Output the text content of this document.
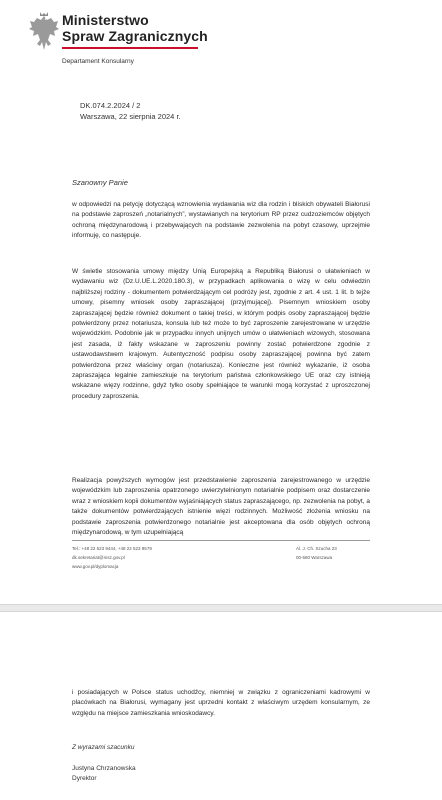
Ministerstwo
Spraw Zagranicznych
Departament Konsularny
DK.074.2.2024 / 2
Warszawa, 22 sierpnia 2024 r.
Szanowny Panie
w odpowiedzi na petycję dotyczącą wznowienia wydawania wiz dla rodzin i bliskich obywateli Białorusi na podstawie zaproszeń „notarialnych”, wystawianych na terytorium RP przez cudzoziemców objętych ochroną międzynarodową i przebywających na podstawie zezwolenia na pobyt czasowy, uprzejmie informuję, co następuje.
W świetle stosowania umowy między Unią Europejską a Republiką Białorusi o ułatwieniach w wydawaniu wiz (Dz.U.UE.L.2020.180.3), w przypadkach aplikowania o wizę w celu odwiedzin najbliższej rodziny - dokumentem potwierdzającym cel podróży jest, zgodnie z art. 4 ust. 1 lit. b tejże umowy, pisemny wniosek osoby zapraszającej (przyjmującej). Pisemnym wnioskiem osoby zapraszającej będzie również dokument o takiej treści, w którym podpis osoby zapraszającej będzie potwierdzony przez notariusza, konsula lub też może to być zaproszenie zarejestrowane w urzędzie wojewódzkim. Podobnie jak w przypadku innych unijnych umów o ułatwieniach wizowych, stosowana jest zasada, iż fakty wskazane w zaproszeniu powinny zostać potwierdzone zgodnie z ustawodawstwem krajowym. Autentyczność podpisu osoby zapraszającej powinna być zatem potwierdzona przez właściwy organ (notariusza). Konieczne jest również wykazanie, iż osoba zapraszająca legalnie zamieszkuje na terytorium państwa członkowskiego UE oraz czy istnieją wskazane więzy rodzinne, gdyż tylko osoby spełniające te warunki mogą korzystać z uproszczonej procedury zaproszenia.
Realizacja powyższych wymogów jest przedstawienie zaproszenia zarejestrowanego w urzędzie wojewódzkim lub zaproszenia opatrzonego uwierzytelnionym notarialnie podpisem oraz dostarczenie wraz z wnioskiem kopii dokumentów wyjaśniających status zapraszającego, np. zezwolenia na pobyt, a także dokumentów potwierdzających istnienie więzi rodzinnych. Możliwość złożenia wniosku na podstawie zaproszenia potwierdzonego notarialnie jest akceptowana dla osób objętych ochroną międzynarodową, w tym uzupełniającą
Tel.: +48 22 523 9444, +48 22 523 9579
dk.sekretariat@msz.gov.pl
www.gov.pl/dyplomacja
Al. J. Ch. Szucha 23
00-580 Warszawa
i posiadających w Polsce status uchodźcy, niemniej w związku z ograniczeniami kadrowymi w placówkach na Białorusi, wymagany jest uprzedni kontakt z właściwym urzędem konsularnym, ze względu na miejsce zamieszkania wnioskodawcy.
Z wyrazami szacunku
Justyna Chrzanowska
Dyrektor
